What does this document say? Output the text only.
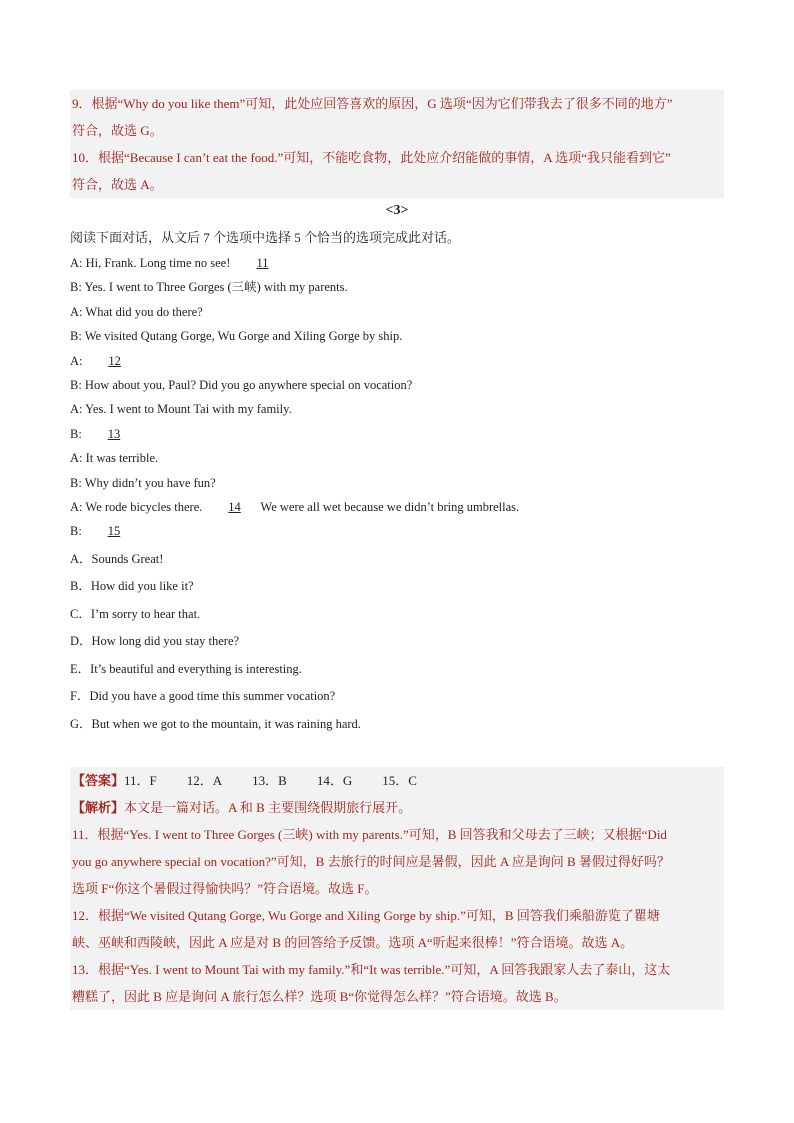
9．根据“Why do you like them”可知，此处应回答喜欢的原因，G 选项“因为它们带我去了很多不同的地方”
符合，故选 G。
10．根据“Because I can’t eat the food.”可知，不能吃食物，此处应介绍能做的事情，A 选项“我只能看到它”
符合，故选 A。
<3>
阅读下面对话，从文后 7 个选项中选择 5 个恰当的选项完成此对话。
A: Hi, Frank. Long time no see! 11
B: Yes. I went to Three Gorges (三峡) with my parents.
A: What did you do there?
B: We visited Qutang Gorge, Wu Gorge and Xiling Gorge by ship.
A: 12
B: How about you, Paul? Did you go anywhere special on vocation?
A: Yes. I went to Mount Tai with my family.
B: 13
A: It was terrible.
B: Why didn’t you have fun?
A: We rode bicycles there. 14 We were all wet because we didn’t bring umbrellas.
B: 15
A．Sounds Great!
B．How did you like it?
C．I’m sorry to hear that.
D．How long did you stay there?
E．It’s beautiful and everything is interesting.
F．Did you have a good time this summer vocation?
G．But when we got to the mountain, it was raining hard.
【答案】11．F 12．A 13．B 14．G 15．C
【解析】本文是一篇对话。A 和 B 主要围绕假期旅行展开。
11．根据“Yes. I went to Three Gorges (三峡) with my parents.”可知，B 回答我和父母去了三峡；又根据“Did
you go anywhere special on vocation?”可知，B 去旅行的时间应是暑假，因此 A 应是询问 B 暑假过得好吗？
选项 F“你这个暑假过得愉快吗？”符合语境。故选 F。
12．根据“We visited Qutang Gorge, Wu Gorge and Xiling Gorge by ship.”可知，B 回答我们乘船游览了瞿塘
峡、巫峡和西陵峡，因此 A 应是对 B 的回答给予反馈。选项 A“听起来很棒！”符合语境。故选 A。
13．根据“Yes. I went to Mount Tai with my family.”和“It was terrible.”可知，A 回答我跟家人去了泰山，这太
糟糕了，因此 B 应是询问 A 旅行怎么样？选项 B“你觉得怎么样？”符合语境。故选 B。
